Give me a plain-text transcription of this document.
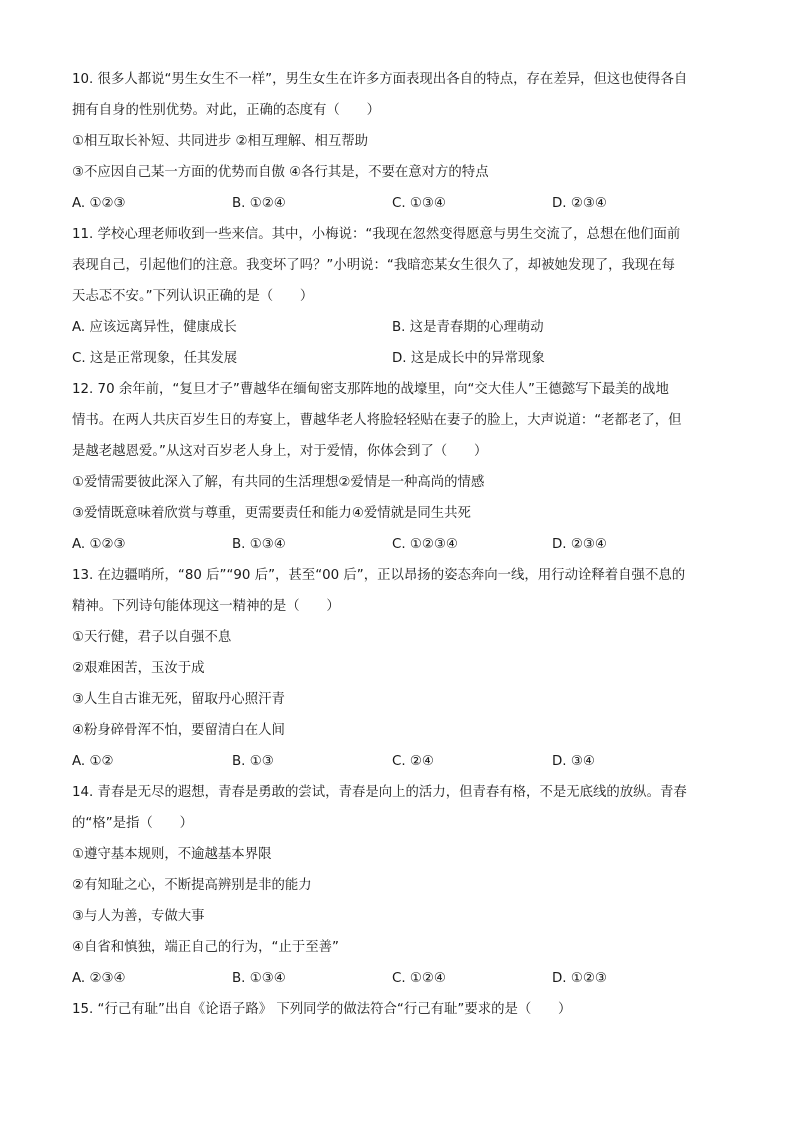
10. 很多人都说“男生女生不一样”，男生女生在许多方面表现出各自的特点，存在差异，但这也使得各自
拥有自身的性别优势。对此，正确的态度有（　　）
①相互取长补短、共同进步 ②相互理解、相互帮助
③不应因自己某一方面的优势而自傲 ④各行其是，不要在意对方的特点
A. ①②③	B. ①②④	C. ①③④	D. ②③④
11. 学校心理老师收到一些来信。其中，小梅说：“我现在忽然变得愿意与男生交流了，总想在他们面前
表现自己，引起他们的注意。我变坏了吗？”小明说：“我暗恋某女生很久了，却被她发现了，我现在每
天忐忑不安。”下列认识正确的是（　　）
A. 应该远离异性，健康成长	B. 这是青春期的心理萌动
C. 这是正常现象，任其发展	D. 这是成长中的异常现象
12. 70 余年前，“复旦才子”曹越华在缅甸密支那阵地的战壕里，向“交大佳人”王德懿写下最美的战地
情书。在两人共庆百岁生日的寿宴上，曹越华老人将脸轻轻贴在妻子的脸上，大声说道：“老都老了，但
是越老越恩爱。”从这对百岁老人身上，对于爱情，你体会到了（　　）
①爱情需要彼此深入了解，有共同的生活理想②爱情是一种高尚的情感
③爱情既意味着欣赏与尊重，更需要责任和能力④爱情就是同生共死
A. ①②③	B. ①③④	C. ①②③④	D. ②③④
13. 在边疆哨所，“80 后”“90 后”，甚至“00 后”，正以昂扬的姿态奔向一线，用行动诠释着自强不息的
精神。下列诗句能体现这一精神的是（　　）
①天行健，君子以自强不息
②艰难困苦，玉汝于成
③人生自古谁无死，留取丹心照汗青
④粉身碎骨浑不怕，要留清白在人间
A. ①②	B. ①③	C. ②④	D. ③④
14. 青春是无尽的遐想，青春是勇敢的尝试，青春是向上的活力，但青春有格，不是无底线的放纵。青春
的“格”是指（　　）
①遵守基本规则，不逾越基本界限
②有知耻之心，不断提高辨别是非的能力
③与人为善，专做大事
④自省和慎独，端正自己的行为，“止于至善”
A. ②③④	B. ①③④	C. ①②④	D. ①②③
15. “行己有耻”出自《论语子路》 下列同学的做法符合“行己有耻”要求的是（　　）
